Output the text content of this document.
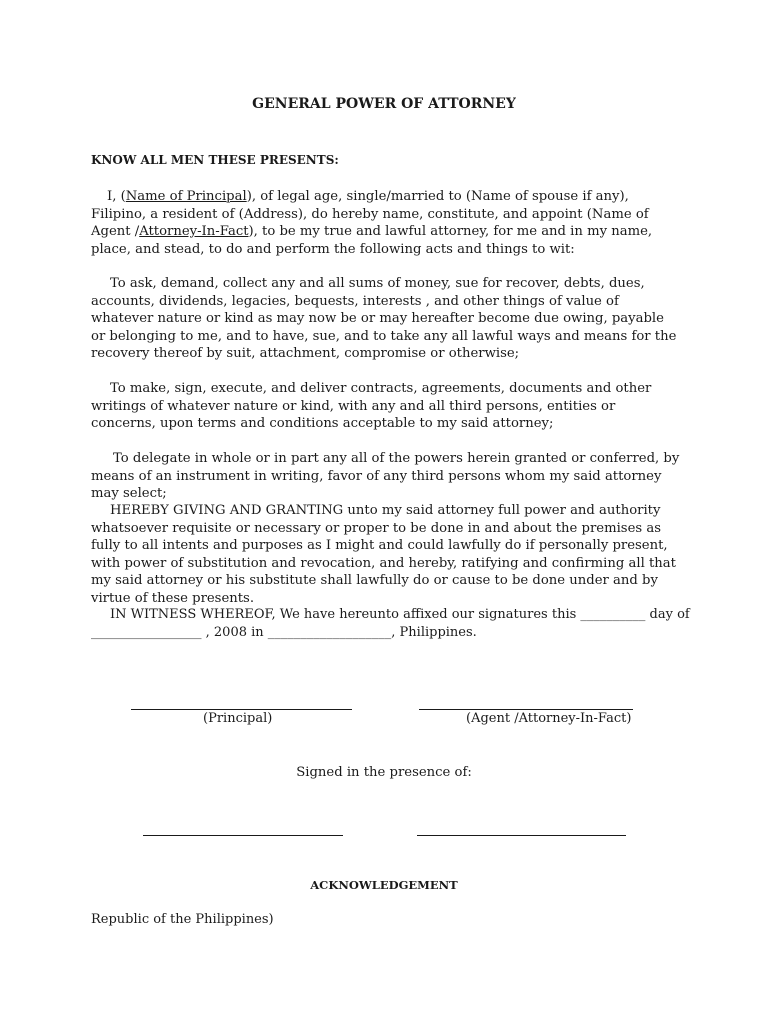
GENERAL POWER OF ATTORNEY
KNOW ALL MEN THESE PRESENTS:

I, (Name of Principal), of legal age, single/married to (Name of spouse if any), Filipino, a resident of (Address), do hereby name, constitute, and appoint (Name of Agent /Attorney-In-Fact), to be my true and lawful attorney, for me and in my name, place, and stead, to do and perform the following acts and things to wit:

To ask, demand, collect any and all sums of money, sue for recover, debts, dues, accounts, dividends, legacies, bequests, interests , and other things of value of whatever nature or kind as may now be or may hereafter become due owing, payable or belonging to me, and to have, sue, and to take any all lawful ways and means for the recovery thereof by suit, attachment, compromise or otherwise;

To make, sign, execute, and deliver contracts, agreements, documents and other writings of whatever nature or kind, with any and all third persons, entities or concerns, upon terms and conditions acceptable to my said attorney;

To delegate in whole or in part any all of the powers herein granted or conferred, by means of an instrument in writing, favor of any third persons whom my said attorney may select;

HEREBY GIVING AND GRANTING unto my said attorney full power and authority whatsoever requisite or necessary or proper to be done in and about the premises as fully to all intents and purposes as I might and could lawfully do if personally present, with power of substitution and revocation, and hereby, ratifying and confirming all that my said attorney or his substitute shall lawfully do or cause to be done under and by virtue of these presents.

IN WITNESS WHEREOF, We have hereunto affixed our signatures this __________ day of
_________________ , 2008 in ___________________, Philippines.
(Principal)	(Agent /Attorney-In-Fact)
Signed in the presence of:
ACKNOWLEDGEMENT
Republic of the Philippines)
